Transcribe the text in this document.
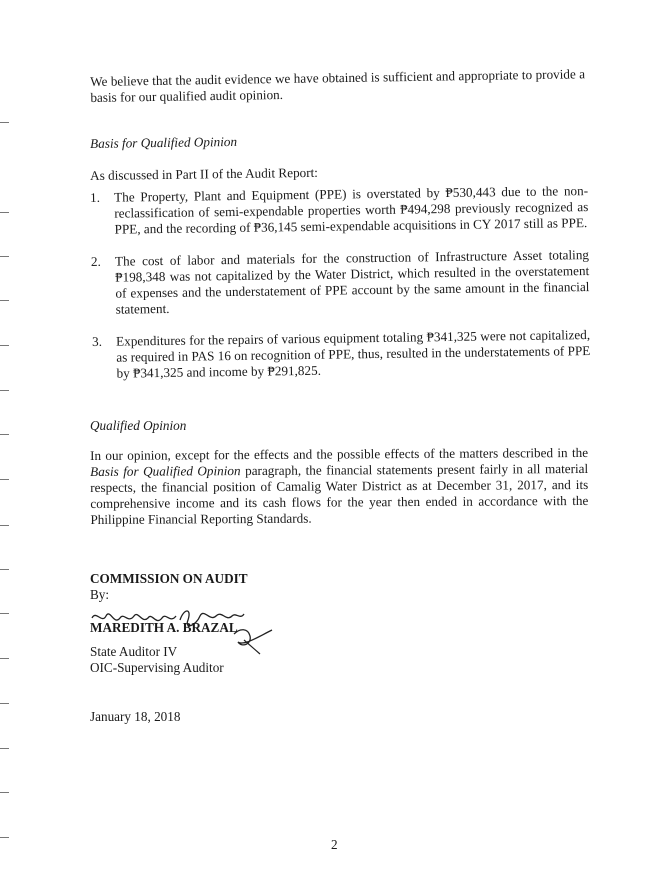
We believe that the audit evidence we have obtained is sufficient and appropriate to provide a basis for our qualified audit opinion.
Basis for Qualified Opinion
As discussed in Part II of the Audit Report:
1. The Property, Plant and Equipment (PPE) is overstated by ₱530,443 due to the non-reclassification of semi-expendable properties worth ₱494,298 previously recognized as PPE, and the recording of ₱36,145 semi-expendable acquisitions in CY 2017 still as PPE.
2. The cost of labor and materials for the construction of Infrastructure Asset totaling ₱198,348 was not capitalized by the Water District, which resulted in the overstatement of expenses and the understatement of PPE account by the same amount in the financial statement.
3. Expenditures for the repairs of various equipment totaling ₱341,325 were not capitalized, as required in PAS 16 on recognition of PPE, thus, resulted in the understatements of PPE by ₱341,325 and income by ₱291,825.
Qualified Opinion
In our opinion, except for the effects and the possible effects of the matters described in the Basis for Qualified Opinion paragraph, the financial statements present fairly in all material respects, the financial position of Camalig Water District as at December 31, 2017, and its comprehensive income and its cash flows for the year then ended in accordance with the Philippine Financial Reporting Standards.
COMMISSION ON AUDIT
By:
MAREDITH A. BRAZAL
State Auditor IV
OIC-Supervising Auditor
January 18, 2018
2
